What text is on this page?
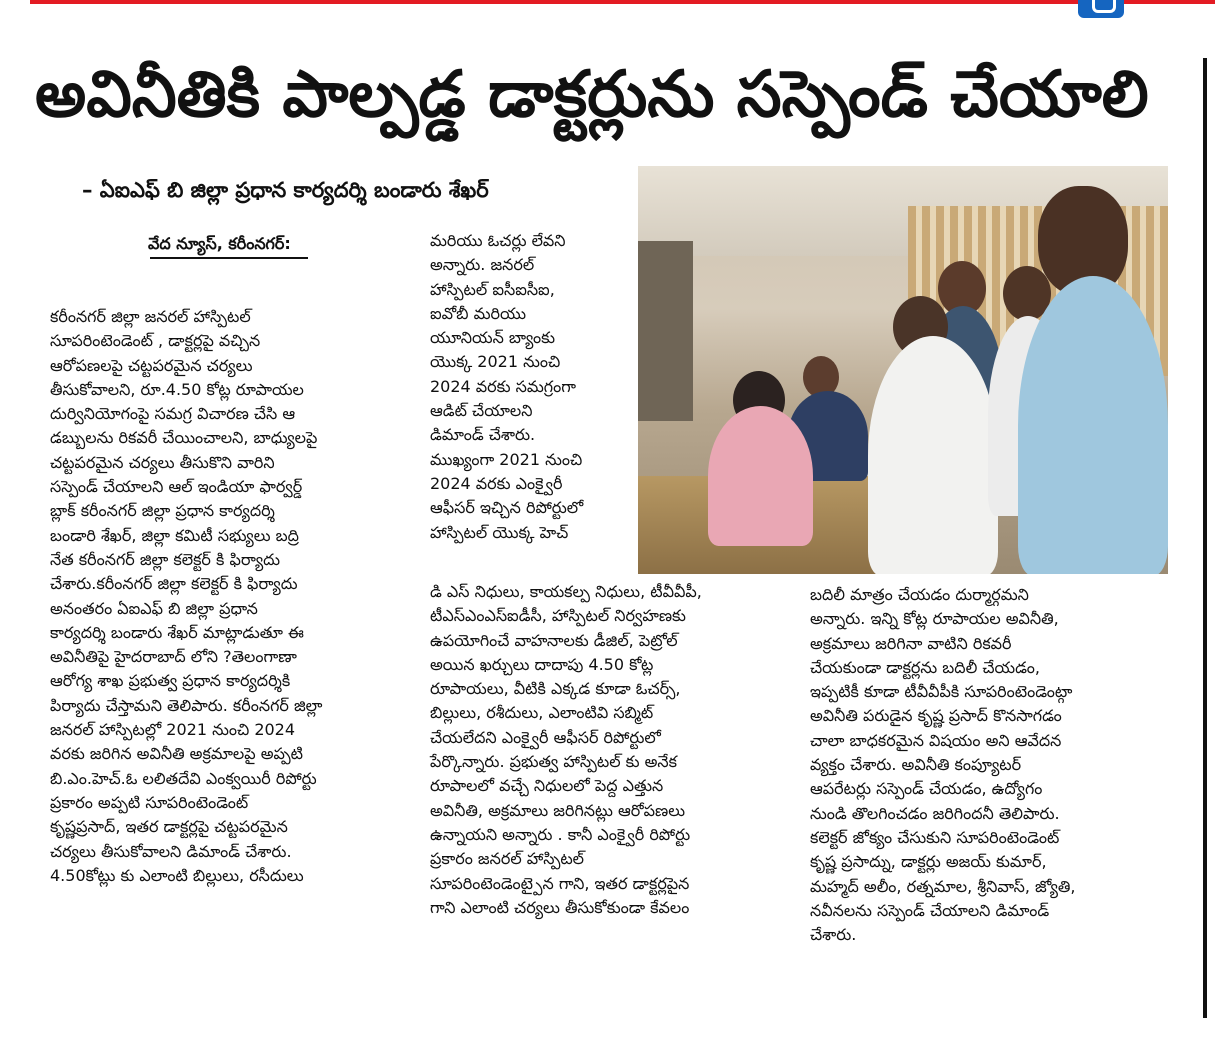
అవినీతికి పాల్పడ్డ డాక్టర్లును సస్పెండ్ చేయాలి
– ఏఐఎఫ్ బి జిల్లా ప్రధాన కార్యదర్శి బండారు శేఖర్
వేద న్యూస్, కరీంనగర్:
కరీంనగర్ జిల్లా జనరల్ హాస్పిటల్
సూపరింటెండెంట్ , డాక్టర్లపై వచ్చిన
ఆరోపణలపై చట్టపరమైన చర్యలు
తీసుకోవాలని, రూ.4.50 కోట్ల రూపాయల
దుర్వినియోగంపై సమగ్ర విచారణ చేసి ఆ
డబ్బులను రికవరీ చేయించాలని, బాధ్యులపై
చట్టపరమైన చర్యలు తీసుకొని వారిని
సస్పెండ్ చేయాలని ఆల్ ఇండియా ఫార్వర్డ్
బ్లాక్ కరీంనగర్ జిల్లా ప్రధాన కార్యదర్శి
బండారి శేఖర్, జిల్లా కమిటీ సభ్యులు బద్రి
నేత కరీంనగర్ జిల్లా కలెక్టర్ కి ఫిర్యాదు
చేశారు.కరీంనగర్ జిల్లా కలెక్టర్ కి ఫిర్యాదు
అనంతరం ఏఐఎఫ్ బి జిల్లా ప్రధాన
కార్యదర్శి బండారు శేఖర్ మాట్లాడుతూ ఈ
అవినీతిపై హైదరాబాద్ లోని ?తెలంగాణా
ఆరోగ్య శాఖ ప్రభుత్వ ప్రధాన కార్యదర్శికి
పిర్యాదు చేస్తామని తెలిపారు. కరీంనగర్ జిల్లా
జనరల్ హాస్పిటల్లో 2021 నుంచి 2024
వరకు జరిగిన అవినీతి అక్రమాలపై అప్పటి
బి.ఎం.హెచ్.ఓ లలితదేవి ఎంక్వయిరీ రిపోర్టు
ప్రకారం అప్పటి సూపరింటెండెంట్
కృష్ణప్రసాద్, ఇతర డాక్టర్లపై చట్టపరమైన
చర్యలు తీసుకోవాలని డిమాండ్ చేశారు.
4.50కోట్లు కు ఎలాంటి బిల్లులు, రసీదులు
మరియు ఓచర్లు లేవని
అన్నారు. జనరల్
హాస్పిటల్ ఐసీఐసీఐ,
ఐవోబీ మరియు
యూనియన్ బ్యాంకు
యొక్క 2021 నుంచి
2024 వరకు సమగ్రంగా
ఆడిట్ చేయాలని
డిమాండ్ చేశారు.
ముఖ్యంగా 2021 నుంచి
2024 వరకు ఎంక్వైరీ
ఆఫీసర్ ఇచ్చిన రిపోర్టులో
హాస్పిటల్ యొక్క హెచ్
డి ఎస్ నిధులు, కాయకల్ప నిధులు, టీవీవీపీ,
టీఎస్ఎంఎస్ఐడీసీ, హాస్పిటల్ నిర్వహణకు
ఉపయోగించే వాహనాలకు డీజిల్, పెట్రోల్
అయిన ఖర్చులు దాదాపు 4.50 కోట్ల
రూపాయలు, వీటికి ఎక్కడ కూడా ఓచర్స్,
బిల్లులు, రశీదులు, ఎలాంటివి సబ్మిట్
చేయలేదని ఎంక్వైరీ ఆఫీసర్ రిపోర్టులో
పేర్కొన్నారు. ప్రభుత్వ హాస్పిటల్ కు అనేక
రూపాలలో వచ్చే నిధులలో పెద్ద ఎత్తున
అవినీతి, అక్రమాలు జరిగినట్లు ఆరోపణలు
ఉన్నాయని అన్నారు . కానీ ఎంక్వైరీ రిపోర్టు
ప్రకారం జనరల్ హాస్పిటల్
సూపరింటెండెంట్పైన గాని, ఇతర డాక్టర్లపైన
గాని ఎలాంటి చర్యలు తీసుకోకుండా కేవలం
బదిలీ మాత్రం చేయడం దుర్మార్గమని
అన్నారు. ఇన్ని కోట్ల రూపాయల అవినీతి,
అక్రమాలు జరిగినా వాటిని రికవరీ
చేయకుండా డాక్టర్లను బదిలీ చేయడం,
ఇప్పటికీ కూడా టీవీవీపీకి సూపరింటెండెంట్గా
అవినీతి పరుడైన కృష్ణ ప్రసాద్ కొనసాగడం
చాలా బాధకరమైన విషయం అని ఆవేదన
వ్యక్తం చేశారు. అవినీతి కంప్యూటర్
ఆపరేటర్లు సస్పెండ్ చేయడం, ఉద్యోగం
నుండి తొలగించడం జరిగిందనీ తెలిపారు.
కలెక్టర్ జోక్యం చేసుకుని సూపరింటెండెంట్
కృష్ణ ప్రసాద్ను, డాక్టర్లు అజయ్ కుమార్,
మహ్మద్ అలీం, రత్నమాల, శ్రీనివాస్, జ్యోతి,
నవీనలను సస్పెండ్ చేయాలని డిమాండ్
చేశారు.
